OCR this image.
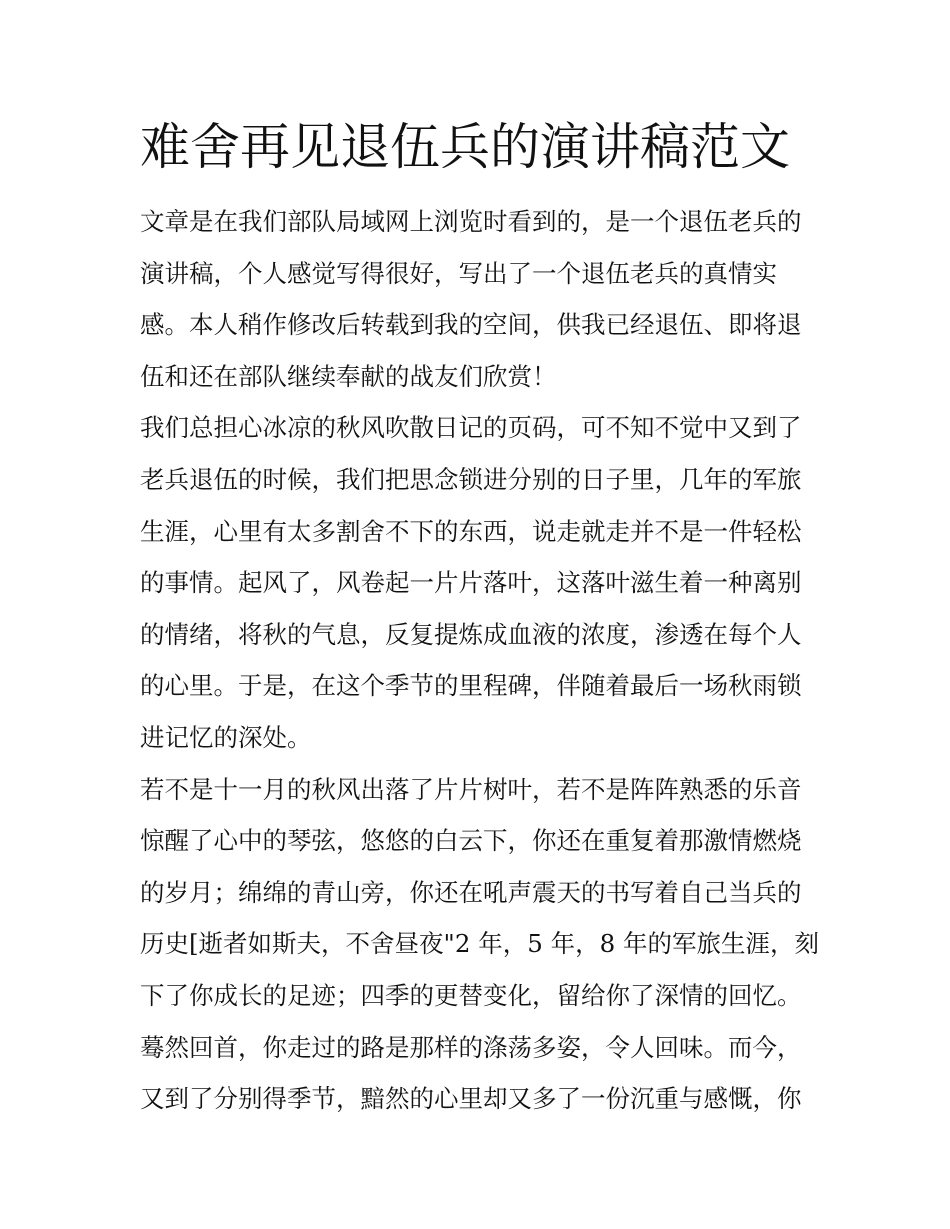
难舍再见退伍兵的演讲稿范文
文章是在我们部队局域网上浏览时看到的，是一个退伍老兵的
演讲稿，个人感觉写得很好，写出了一个退伍老兵的真情实
感。本人稍作修改后转载到我的空间，供我已经退伍、即将退
伍和还在部队继续奉献的战友们欣赏！
我们总担心冰凉的秋风吹散日记的页码，可不知不觉中又到了
老兵退伍的时候，我们把思念锁进分别的日子里，几年的军旅
生涯，心里有太多割舍不下的东西，说走就走并不是一件轻松
的事情。起风了，风卷起一片片落叶，这落叶滋生着一种离别
的情绪，将秋的气息，反复提炼成血液的浓度，渗透在每个人
的心里。于是，在这个季节的里程碑，伴随着最后一场秋雨锁
进记忆的深处。
若不是十一月的秋风出落了片片树叶，若不是阵阵熟悉的乐音
惊醒了心中的琴弦，悠悠的白云下，你还在重复着那激情燃烧
的岁月；绵绵的青山旁，你还在吼声震天的书写着自己当兵的
历史[逝者如斯夫，不舍昼夜"2 年，5 年，8 年的军旅生涯，刻
下了你成长的足迹；四季的更替变化，留给你了深情的回忆。
蓦然回首，你走过的路是那样的涤荡多姿，令人回味。而今，
又到了分别得季节，黯然的心里却又多了一份沉重与感慨，你
